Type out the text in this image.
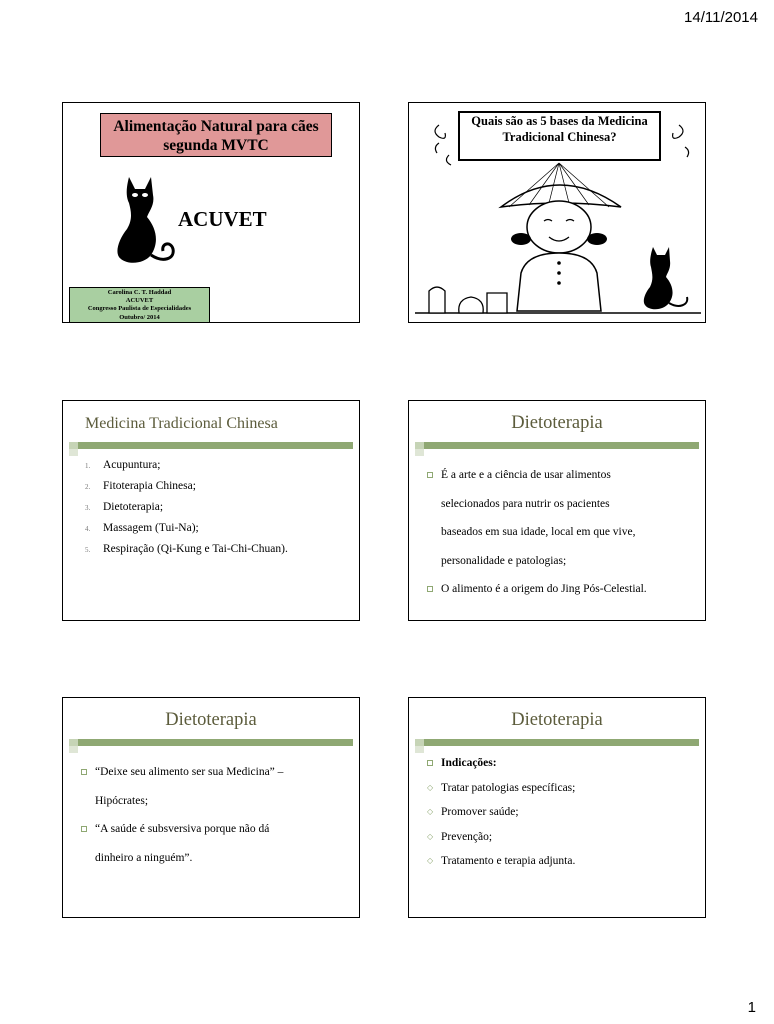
14/11/2014
Alimentação Natural para cães segunda MVTC
ACUVET
Carolina C. T. Haddad
ACUVET
Congresso Paulista de Especialidades
Outubro/ 2014
Quais são as 5 bases da Medicina Tradicional Chinesa?
Medicina Tradicional Chinesa
1. Acupuntura;
2. Fitoterapia Chinesa;
3. Dietoterapia;
4. Massagem (Tui-Na);
5. Respiração (Qi-Kung e Tai-Chi-Chuan).
Dietoterapia
É a arte e a ciência de usar alimentos
selecionados para nutrir os pacientes
baseados em sua idade, local em que vive,
personalidade e patologias;
O alimento é a origem do Jing Pós-Celestial.
Dietoterapia
“Deixe seu alimento ser sua Medicina” –
Hipócrates;
“A saúde é subsversiva porque não dá
dinheiro a ninguém”.
Dietoterapia
Indicações:
◇ Tratar patologias específicas;
◇ Promover saúde;
◇ Prevenção;
◇ Tratamento e terapia adjunta.
1
